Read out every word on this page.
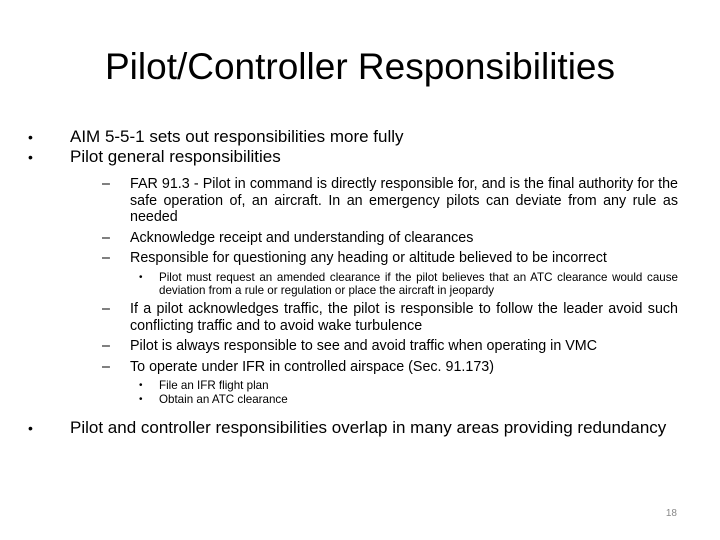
Pilot/Controller Responsibilities
•	AIM 5-5-1 sets out responsibilities more fully
•	Pilot general responsibilities
–	FAR 91.3 - Pilot in command is directly responsible for, and is the final authority for the safe operation of, an aircraft. In an emergency pilots can deviate from any rule as needed
–	Acknowledge receipt and understanding of clearances
–	Responsible for questioning any heading or altitude believed to be incorrect
•	Pilot must request an amended clearance if the pilot believes that an ATC clearance would cause deviation from a rule or regulation or place the aircraft in jeopardy
–	If a pilot acknowledges traffic, the pilot is responsible to follow the leader avoid such conflicting traffic and to avoid wake turbulence
–	Pilot is always responsible to see and avoid traffic when operating in VMC
–	To operate under IFR in controlled airspace (Sec. 91.173)
•	File an IFR flight plan
•	Obtain an ATC clearance
•	Pilot and controller responsibilities overlap in many areas providing redundancy
18
